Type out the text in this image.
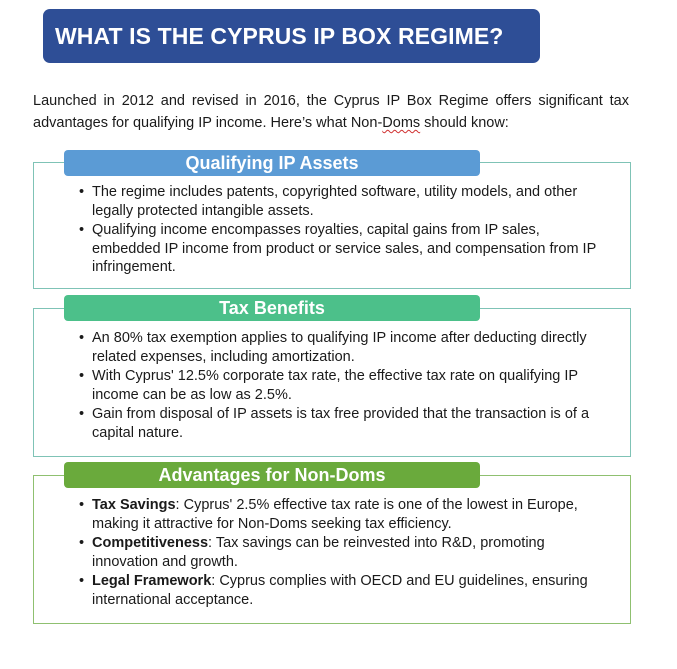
WHAT IS THE CYPRUS IP BOX REGIME?

Launched in 2012 and revised in 2016, the Cyprus IP Box Regime offers significant tax advantages for qualifying IP income. Here’s what Non-Doms should know:

Qualifying IP Assets
• The regime includes patents, copyrighted software, utility models, and other legally protected intangible assets.
• Qualifying income encompasses royalties, capital gains from IP sales, embedded IP income from product or service sales, and compensation from IP infringement.
Tax Benefits
• An 80% tax exemption applies to qualifying IP income after deducting directly related expenses, including amortization.
• With Cyprus' 12.5% corporate tax rate, the effective tax rate on qualifying IP income can be as low as 2.5%.
• Gain from disposal of IP assets is tax free provided that the transaction is of a capital nature.
Advantages for Non-Doms
• Tax Savings: Cyprus' 2.5% effective tax rate is one of the lowest in Europe, making it attractive for Non-Doms seeking tax efficiency.
• Competitiveness: Tax savings can be reinvested into R&D, promoting innovation and growth.
• Legal Framework: Cyprus complies with OECD and EU guidelines, ensuring international acceptance.
